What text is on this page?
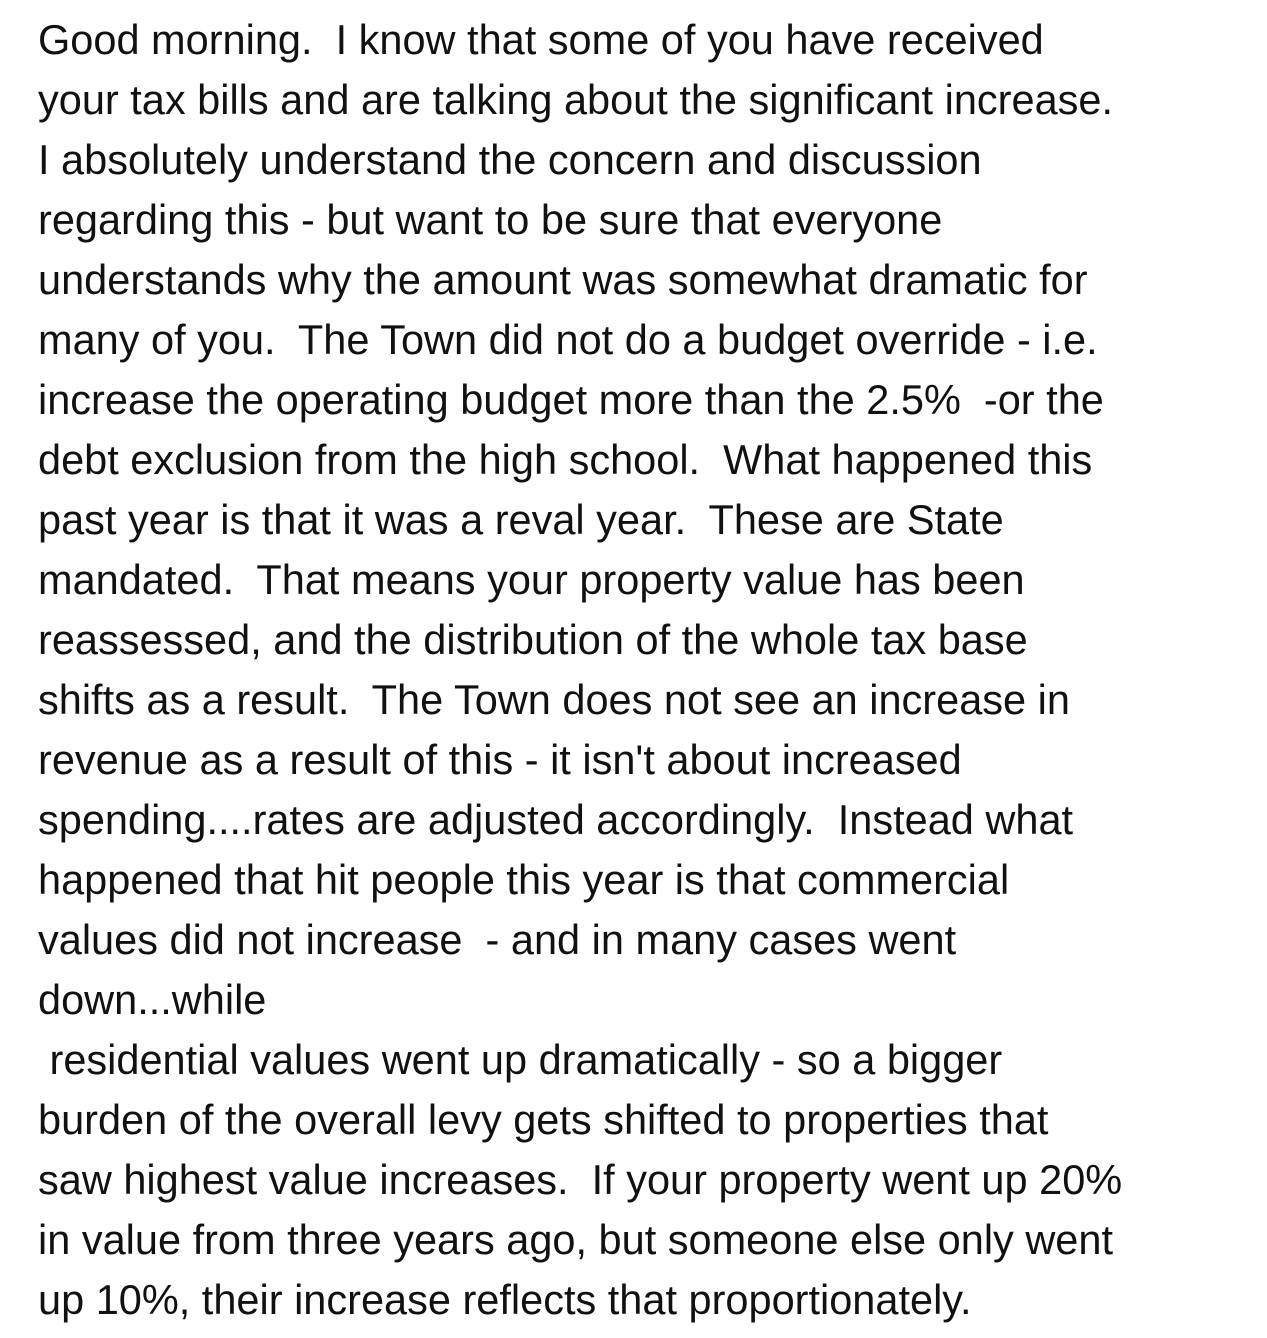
Good morning.  I know that some of you have received
your tax bills and are talking about the significant increase.
I absolutely understand the concern and discussion
regarding this - but want to be sure that everyone
understands why the amount was somewhat dramatic for
many of you.  The Town did not do a budget override - i.e.
increase the operating budget more than the 2.5%  -or the
debt exclusion from the high school.  What happened this
past year is that it was a reval year.  These are State
mandated.  That means your property value has been
reassessed, and the distribution of the whole tax base
shifts as a result.  The Town does not see an increase in
revenue as a result of this - it isn't about increased
spending....rates are adjusted accordingly.  Instead what
happened that hit people this year is that commercial
values did not increase  - and in many cases went
down...while
residential values went up dramatically - so a bigger
burden of the overall levy gets shifted to properties that
saw highest value increases.  If your property went up 20%
in value from three years ago, but someone else only went
up 10%, their increase reflects that proportionately.
